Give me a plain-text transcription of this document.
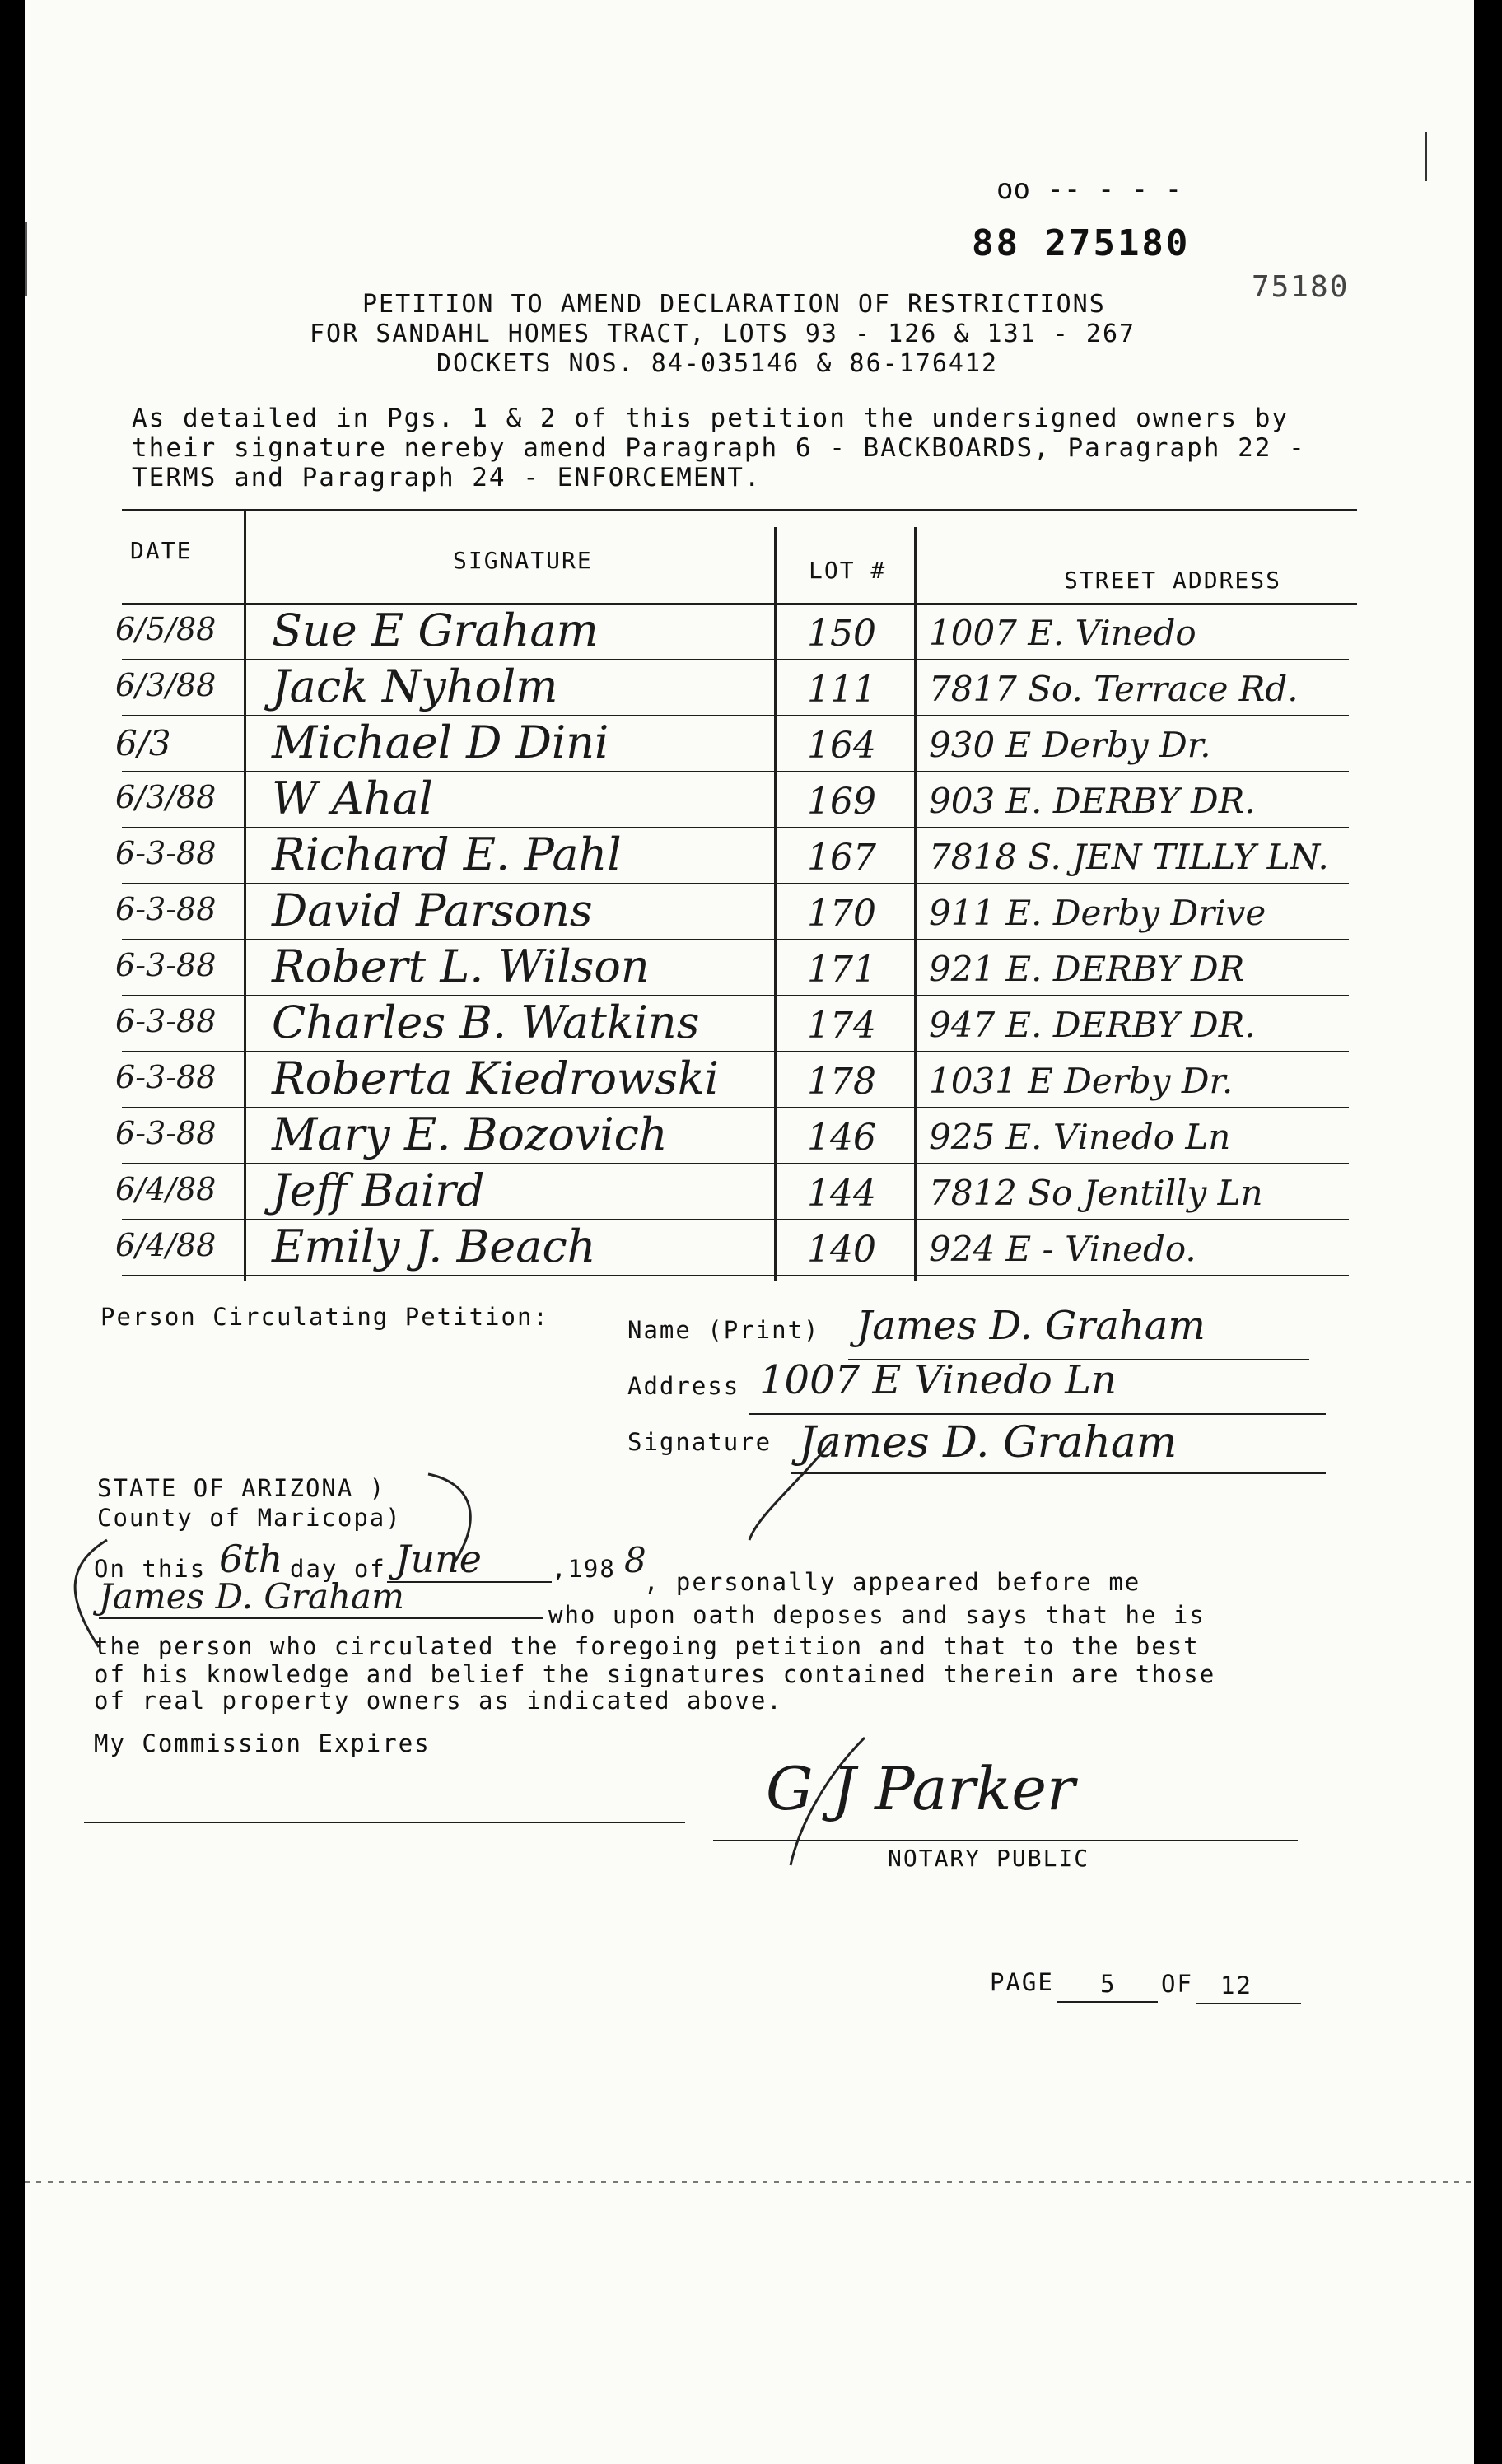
oo -- ‑ - -
88 275180
75180
PETITION TO AMEND DECLARATION OF RESTRICTIONS
FOR SANDAHL HOMES TRACT, LOTS 93 - 126 & 131 - 267
DOCKETS NOS. 84-035146 & 86-176412
As detailed in Pgs. 1 & 2 of this petition the undersigned owners by
their signature nereby amend Paragraph 6 - BACKBOARDS, Paragraph 22 -
TERMS and Paragraph 24 - ENFORCEMENT.
DATE	SIGNATURE	LOT #	STREET ADDRESS
6/5/88 Sue E Graham	150 1007 E. Vinedo
6/3/88 Jack Nyholm	111 7817 So. Terrace Rd.
6/3 Michael D Dini	164 930 E Derby Dr.
6/3/88 W Ahal	169 903 E. DERBY DR.
6-3-88 Richard E. Pahl	167 7818 S. JEN TILLY LN.
6-3-88 David Parsons	170 911 E. Derby Drive
6-3-88 Robert L. Wilson	171 921 E. DERBY DR
6-3-88 Charles B. Watkins	174 947 E. DERBY DR.
6-3-88 Roberta Kiedrowski 178 1031 E Derby Dr.
6-3-88 Mary E. Bozovich	146 925 E. Vinedo Ln
6/4/88 Jeff Baird	144 7812 So Jentilly Ln
6/4/88 Emily J. Beach	140 924 E - Vinedo.
Person Circulating Petition:	Name (Print) James D. Graham
Address 1007 E Vinedo Ln
Signature James D. Graham
STATE OF ARIZONA )
County of Maricopa)
On this 6th day of June	,198 8
, personally appeared before me
James D. Graham	who upon oath deposes and says that he is
the person who circulated the foregoing petition and that to the best
of his knowledge and belief the signatures contained therein are those
of real property owners as indicated above.
My Commission Expires
G J Parker
NOTARY PUBLIC
PAGE 5 OF 12
